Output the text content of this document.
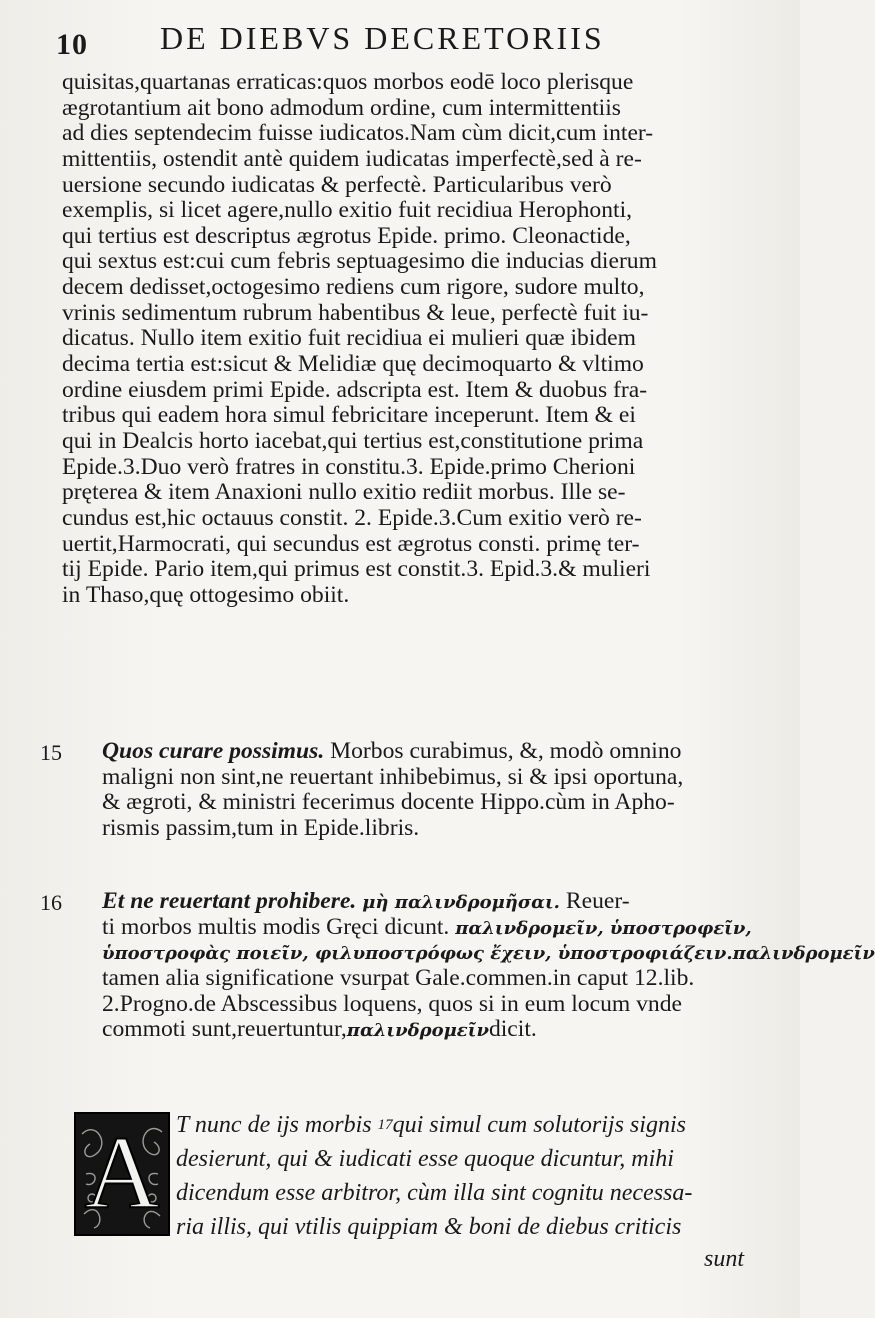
10 DE DIEBVS DECRETORIIS
quisitas,quartanas erraticas:quos morbos eodē loco plerisque
ægrotantium ait bono admodum ordine, cum intermittentiis
ad dies septendecim fuisse iudicatos.Nam cùm dicit,cum inter-
mittentiis, ostendit antè quidem iudicatas imperfectè,sed à re-
uersione secundo iudicatas & perfectè. Particularibus verò
exemplis, si licet agere,nullo exitio fuit recidiua Herophonti,
qui tertius est descriptus ægrotus Epide. primo. Cleonactide,
qui sextus est:cui cum febris septuagesimo die inducias dierum
decem dedisset,octogesimo rediens cum rigore, sudore multo,
vrinis sedimentum rubrum habentibus & leue, perfectè fuit iu-
dicatus. Nullo item exitio fuit recidiua ei mulieri quæ ibidem
decima tertia est:sicut & Melidiæ quę decimoquarto & vltimo
ordine eiusdem primi Epide. adscripta est. Item & duobus fra-
tribus qui eadem hora simul febricitare inceperunt. Item & ei
qui in Dealcis horto iacebat,qui tertius est,constitutione prima
Epide.3.Duo verò fratres in constitu.3. Epide.primo Cherioni
pręterea & item Anaxioni nullo exitio rediit morbus. Ille se-
cundus est,hic octauus constit. 2. Epide.3.Cum exitio verò re-
uertit,Harmocrati, qui secundus est ægrotus consti. primę ter-
tij Epide. Pario item,qui primus est constit.3. Epid.3.& mulieri
in Thaso,quę ottogesimo obiit.
15 Quos curare possimus. Morbos curabimus, &, modò omnino
maligni non sint,ne reuertant inhibebimus, si & ipsi oportuna,
& ægroti, & ministri fecerimus docente Hippo.cùm in Apho-
rismis passim,tum in Epide.libris.
16 Et ne reuertant prohibere. μὴ παλινδρομῆσαι. Reuer-
ti morbos multis modis Gręci dicunt. παλινδρομεῖν, ὑποστροφεῖν,
ὑποστροφὰς ποιεῖν, φιλυποστρόφως ἔχειν, ὑποστροφιάζειν.παλινδρομεῖν
tamen alia significatione vsurpat Gale.commen.in caput 12.lib.
2.Progno.de Abscessibus loquens, quos si in eum locum vnde
commoti sunt,reuertuntur,παλινδρομεῖνdicit.
A T nunc de ijs morbis $^{17}$qui simul cum solutorijs signis
desierunt, qui & iudicati esse quoque dicuntur, mihi
dicendum esse arbitror, cùm illa sint cognitu necessa-
ria illis, qui vtilis quippiam & boni de diebus criticis
sunt
